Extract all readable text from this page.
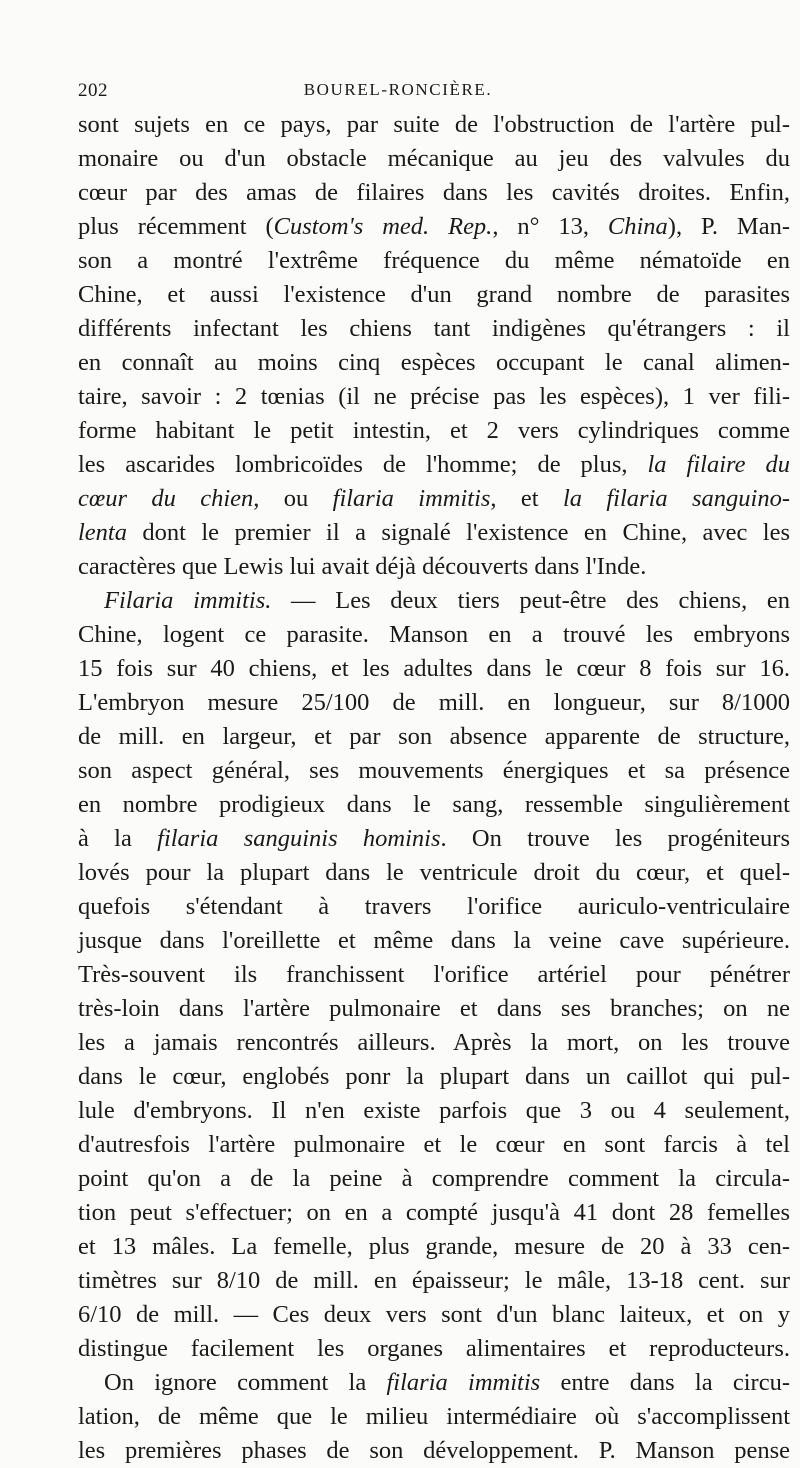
202	BOUREL-RONCIÈRE.
sont sujets en ce pays, par suite de l'obstruction de l'artère pul-
monaire ou d'un obstacle mécanique au jeu des valvules du
cœur par des amas de filaires dans les cavités droites. Enfin,
plus récemment (Custom's med. Rep., n° 13, China), P. Man-
son a montré l'extrême fréquence du même nématoïde en
Chine, et aussi l'existence d'un grand nombre de parasites
différents infectant les chiens tant indigènes qu'étrangers : il
en connaît au moins cinq espèces occupant le canal alimen-
taire, savoir : 2 tœnias (il ne précise pas les espèces), 1 ver fili-
forme habitant le petit intestin, et 2 vers cylindriques comme
les ascarides lombricoïdes de l'homme; de plus, la filaire du
cœur du chien, ou filaria immitis, et la filaria sanguino-
lenta dont le premier il a signalé l'existence en Chine, avec les
caractères que Lewis lui avait déjà découverts dans l'Inde.
Filaria immitis. — Les deux tiers peut-être des chiens, en
Chine, logent ce parasite. Manson en a trouvé les embryons
15 fois sur 40 chiens, et les adultes dans le cœur 8 fois sur 16.
L'embryon mesure 25/100 de mill. en longueur, sur 8/1000
de mill. en largeur, et par son absence apparente de structure,
son aspect général, ses mouvements énergiques et sa présence
en nombre prodigieux dans le sang, ressemble singulièrement
à la filaria sanguinis hominis. On trouve les progéniteurs
lovés pour la plupart dans le ventricule droit du cœur, et quel-
quefois s'étendant à travers l'orifice auriculo-ventriculaire
jusque dans l'oreillette et même dans la veine cave supérieure.
Très-souvent ils franchissent l'orifice artériel pour pénétrer
très-loin dans l'artère pulmonaire et dans ses branches; on ne
les a jamais rencontrés ailleurs. Après la mort, on les trouve
dans le cœur, englobés ponr la plupart dans un caillot qui pul-
lule d'embryons. Il n'en existe parfois que 3 ou 4 seulement,
d'autresfois l'artère pulmonaire et le cœur en sont farcis à tel
point qu'on a de la peine à comprendre comment la circula-
tion peut s'effectuer; on en a compté jusqu'à 41 dont 28 femelles
et 13 mâles. La femelle, plus grande, mesure de 20 à 33 cen-
timètres sur 8/10 de mill. en épaisseur; le mâle, 13-18 cent. sur
6/10 de mill. — Ces deux vers sont d'un blanc laiteux, et on y
distingue facilement les organes alimentaires et reproducteurs.
On ignore comment la filaria immitis entre dans la circu-
lation, de même que le milieu intermédiaire où s'accomplissent
les premières phases de son développement. P. Manson pense
